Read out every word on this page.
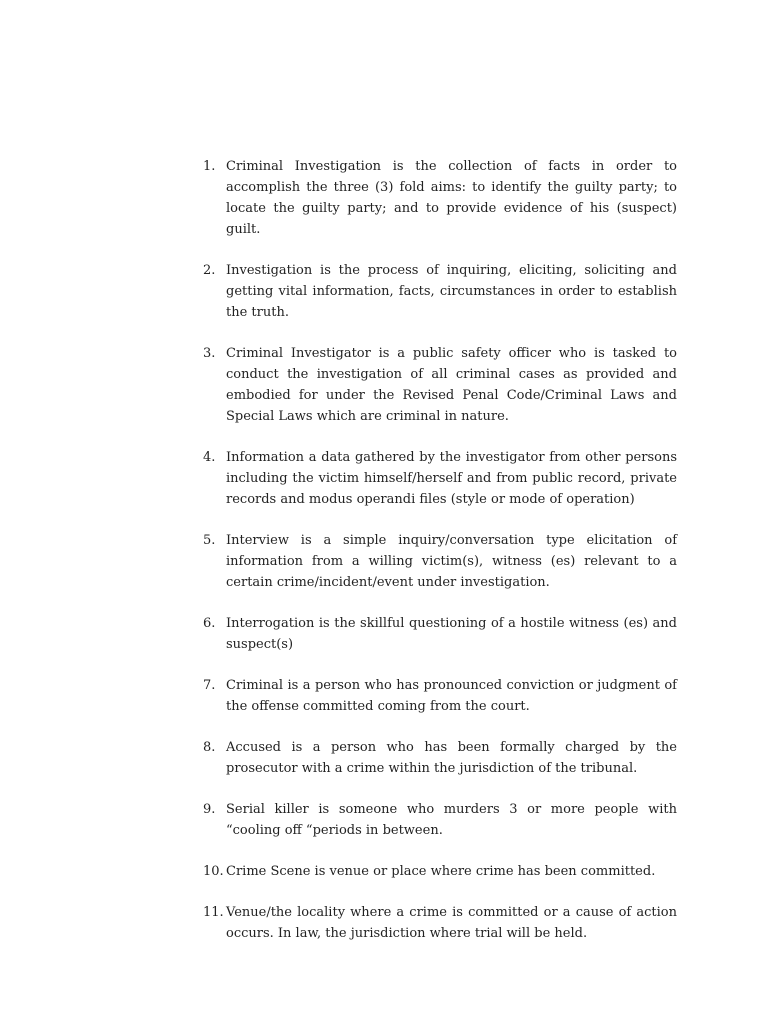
1. Criminal Investigation is the collection of facts in order to accomplish the three (3) fold aims: to identify the guilty party; to locate the guilty party; and to provide evidence of his (suspect) guilt.
2. Investigation is the process of inquiring, eliciting, soliciting and getting vital information, facts, circumstances in order to establish the truth.
3. Criminal Investigator is a public safety officer who is tasked to conduct the investigation of all criminal cases as provided and embodied for under the Revised Penal Code/Criminal Laws and Special Laws which are criminal in nature.
4. Information a data gathered by the investigator from other persons including the victim himself/herself and from public record, private records and modus operandi files (style or mode of operation)
5. Interview is a simple inquiry/conversation type elicitation of information from a willing victim(s), witness (es) relevant to a certain crime/incident/event under investigation.
6. Interrogation is the skillful questioning of a hostile witness (es) and suspect(s)
7. Criminal is a person who has pronounced conviction or judgment of the offense committed coming from the court.
8. Accused is a person who has been formally charged by the prosecutor with a crime within the jurisdiction of the tribunal.
9. Serial killer is someone who murders 3 or more people with “cooling off “periods in between.
10. Crime Scene is venue or place where crime has been committed.
11. Venue/the locality where a crime is committed or a cause of action occurs. In law, the jurisdiction where trial will be held.
